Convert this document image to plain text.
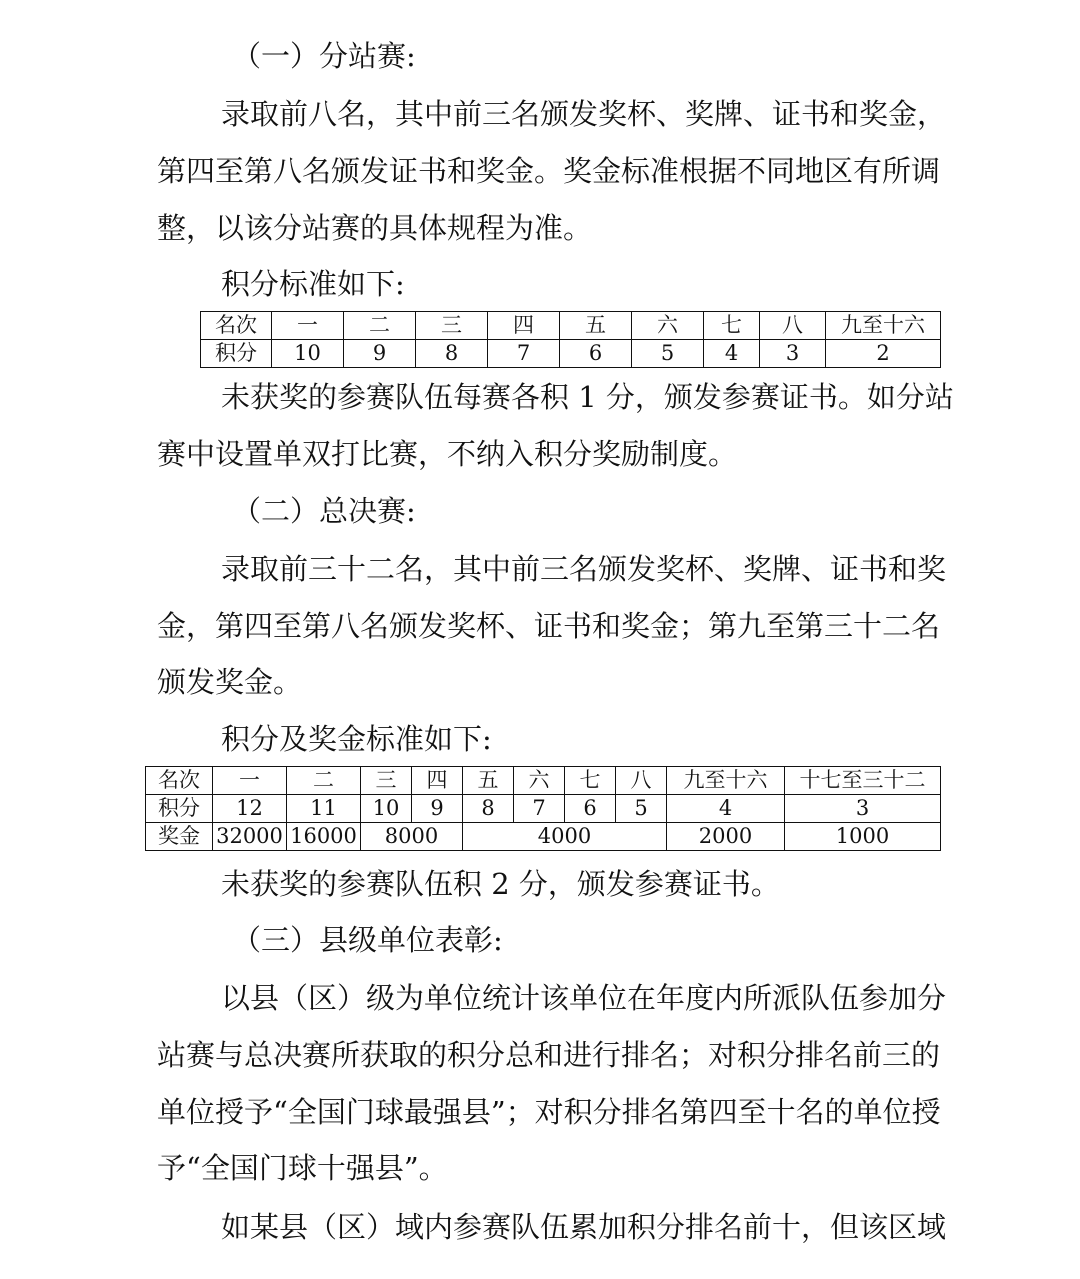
（一）分站赛:
录取前八名，其中前三名颁发奖杯、奖牌、证书和奖金，
第四至第八名颁发证书和奖金。奖金标准根据不同地区有所调
整，以该分站赛的具体规程为准。
积分标准如下:
名次	一	二	三	四	五	六	七	八	九至十六
积分	10	9	8	7	6	5	4	3	2
未获奖的参赛队伍每赛各积 1 分，颁发参赛证书。如分站
赛中设置单双打比赛，不纳入积分奖励制度。
（二）总决赛:
录取前三十二名，其中前三名颁发奖杯、奖牌、证书和奖
金，第四至第八名颁发奖杯、证书和奖金；第九至第三十二名
颁发奖金。
积分及奖金标准如下:
名次	一	二	三	四	五	六	七	八	九至十六	十七至三十二
积分	12	11	10	9	8	7	6	5	4	3
奖金	32000	16000	8000		4000				2000	1000
未获奖的参赛队伍积 2 分，颁发参赛证书。
（三）县级单位表彰:
以县（区）级为单位统计该单位在年度内所派队伍参加分
站赛与总决赛所获取的积分总和进行排名；对积分排名前三的
单位授予“全国门球最强县”；对积分排名第四至十名的单位授
予“全国门球十强县”。
如某县（区）域内参赛队伍累加积分排名前十，但该区域
